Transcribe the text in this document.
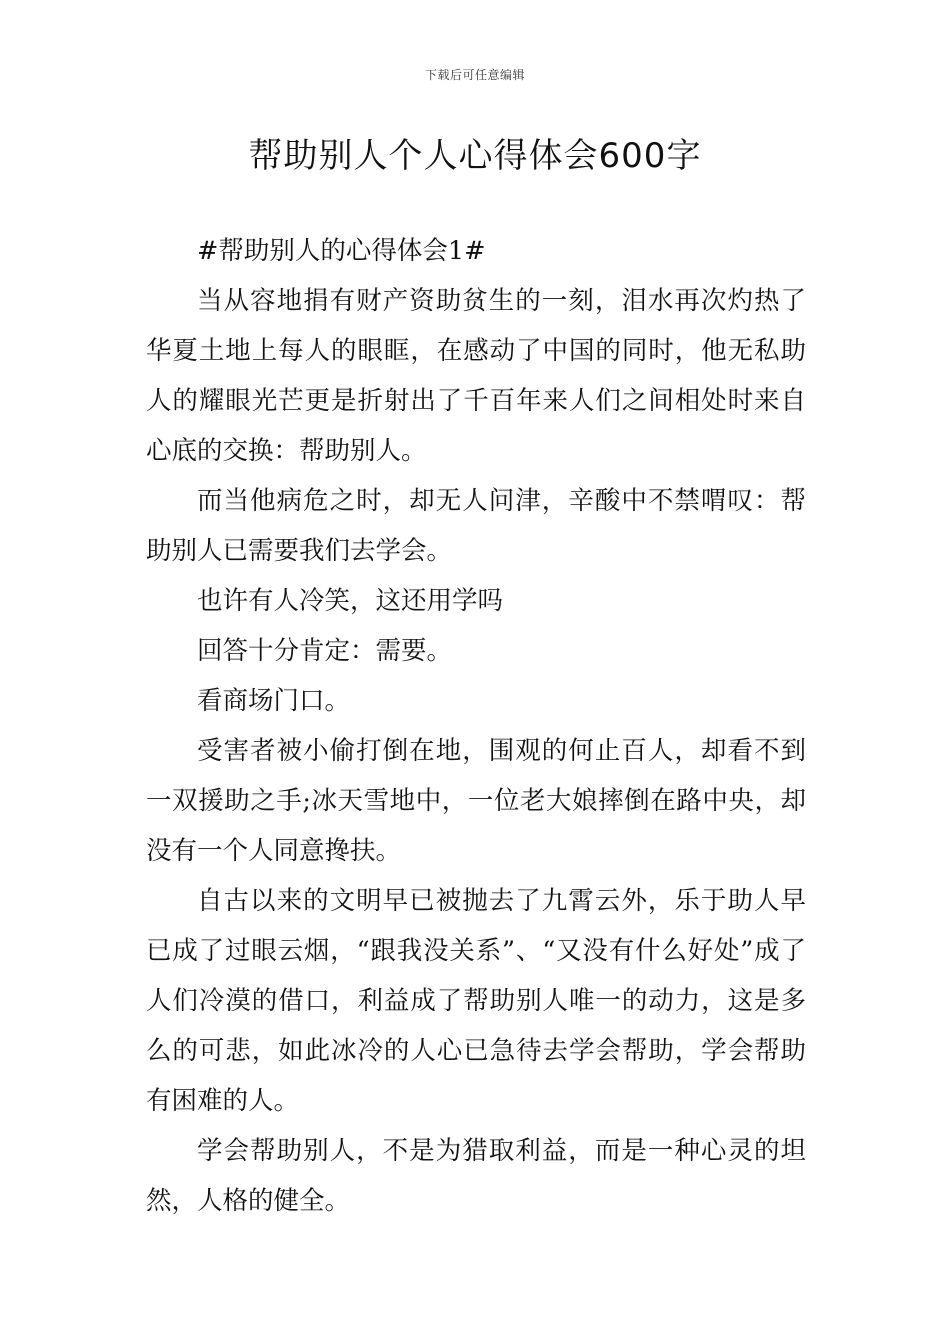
下载后可任意编辑
帮助别人个人心得体会600字

#帮助别人的心得体会1#

当从容地捐有财产资助贫生的一刻，泪水再次灼热了华夏土地上每人的眼眶，在感动了中国的同时，他无私助人的耀眼光芒更是折射出了千百年来人们之间相处时来自心底的交换：帮助别人。

而当他病危之时，却无人问津，辛酸中不禁喟叹：帮助别人已需要我们去学会。

也许有人冷笑，这还用学吗

回答十分肯定：需要。

看商场门口。

受害者被小偷打倒在地，围观的何止百人，却看不到一双援助之手;冰天雪地中，一位老大娘摔倒在路中央，却没有一个人同意搀扶。

自古以来的文明早已被抛去了九霄云外，乐于助人早已成了过眼云烟，“跟我没关系”、“又没有什么好处”成了人们冷漠的借口，利益成了帮助别人唯一的动力，这是多么的可悲，如此冰冷的人心已急待去学会帮助，学会帮助有困难的人。

学会帮助别人，不是为猎取利益，而是一种心灵的坦然，人格的健全。
